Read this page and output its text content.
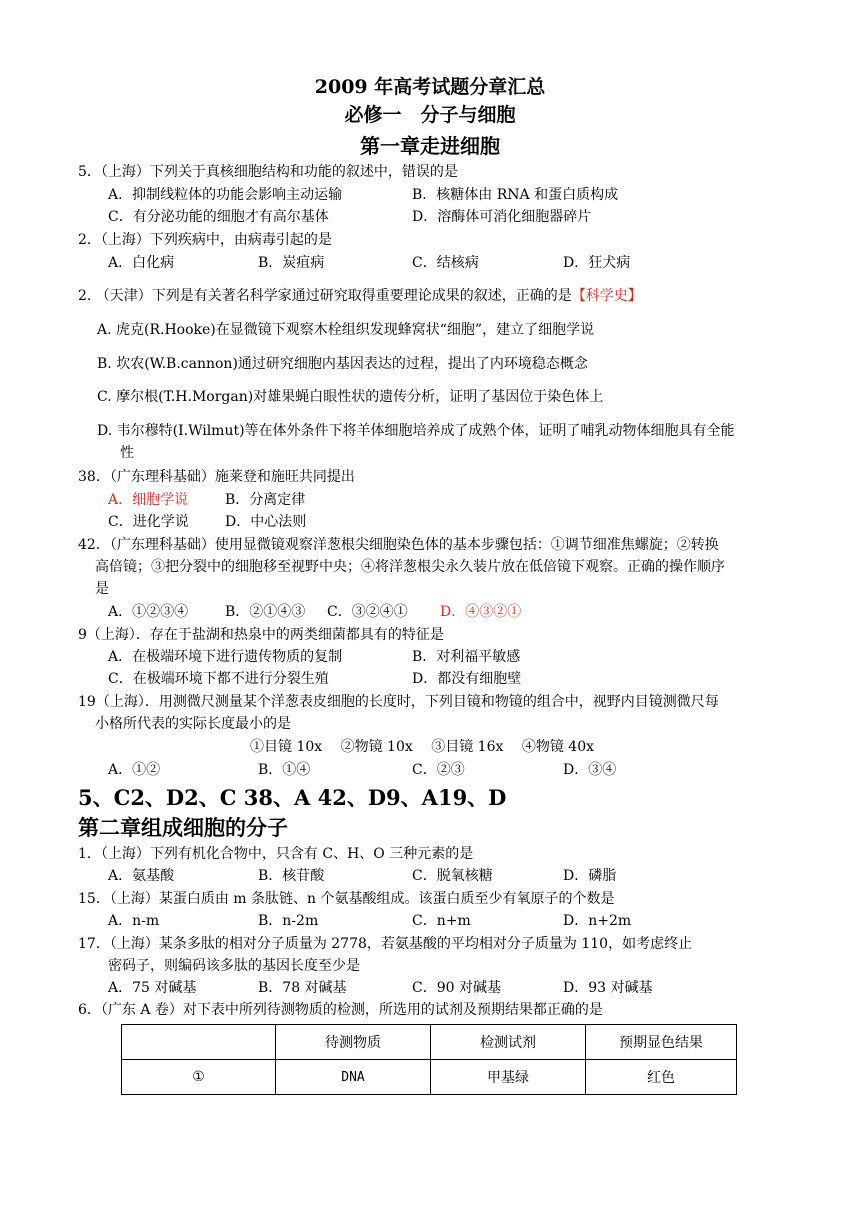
2009 年高考试题分章汇总
必修一　分子与细胞
第一章走进细胞
5．（上海）下列关于真核细胞结构和功能的叙述中，错误的是
A．抑制线粒体的功能会影响主动运输	B．核糖体由 RNA 和蛋白质构成
C．有分泌功能的细胞才有高尔基体	D．溶酶体可消化细胞器碎片
2．（上海）下列疾病中，由病毒引起的是
A．白化病	B．炭疽病	C．结核病	D．狂犬病
2. （天津）下列是有关著名科学家通过研究取得重要理论成果的叙述，正确的是【科学史】
A. 虎克(R.Hooke)在显微镜下观察木栓组织发现蜂窝状“细胞”，建立了细胞学说
B. 坎农(W.B.cannon)通过研究细胞内基因表达的过程，提出了内环境稳态概念
C. 摩尔根(T.H.Morgan)对雄果蝇白眼性状的遗传分析，证明了基因位于染色体上
D. 韦尔穆特(I.Wilmut)等在体外条件下将羊体细胞培养成了成熟个体，证明了哺乳动物体细胞具有全能
性
38．（广东理科基础）施莱登和施旺共同提出
A．细胞学说	B．分离定律
C．进化学说	D．中心法则
42．（广东理科基础）使用显微镜观察洋葱根尖细胞染色体的基本步骤包括：①调节细准焦螺旋；②转换
高倍镜；③把分裂中的细胞移至视野中央；④将洋葱根尖永久装片放在低倍镜下观察。正确的操作顺序
是
A．①②③④	B．②①④③ C．③②④① D．④③②①
9（上海）．存在于盐湖和热泉中的两类细菌都具有的特征是
A．在极端环境下进行遗传物质的复制	B．对利福平敏感
C．在极端环境下都不进行分裂生殖	D．都没有细胞壁
19（上海）．用测微尺测量某个洋葱表皮细胞的长度时，下列目镜和物镜的组合中，视野内目镜测微尺每
小格所代表的实际长度最小的是
①目镜 10x　 ②物镜 10x　 ③目镜 16x　 ④物镜 40x
A．①②	B．①④	C．②③	D．③④
5、C2、D2、C 38、A 42、D9、A19、D
第二章组成细胞的分子
1．（上海）下列有机化合物中，只含有 C、H、O 三种元素的是
A．氨基酸	B．核苷酸	C．脱氧核糖	D．磷脂
15．（上海）某蛋白质由 m 条肽链、n 个氨基酸组成。该蛋白质至少有氧原子的个数是
A．n-m	B．n-2m	C．n+m	D．n+2m
17．（上海）某条多肽的相对分子质量为 2778，若氨基酸的平均相对分子质量为 110，如考虑终止
密码子，则编码该多肽的基因长度至少是
A．75 对碱基	B．78 对碱基	C．90 对碱基	D．93 对碱基
6．（广东 A 卷）对下表中所列待测物质的检测，所选用的试剂及预期结果都正确的是
	待测物质	检测试剂	预期显色结果
①	DNA	甲基绿	红色
